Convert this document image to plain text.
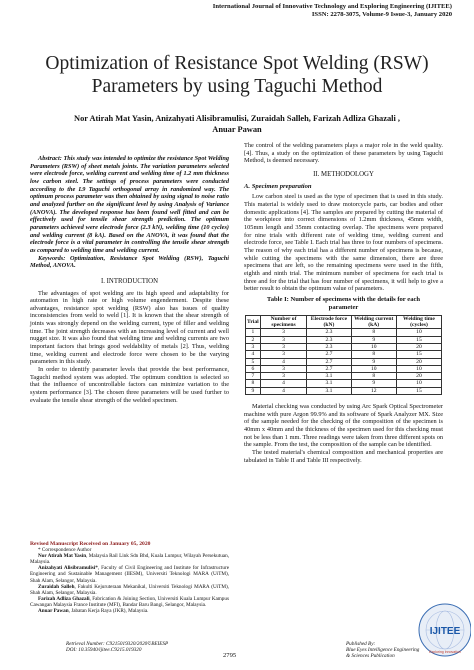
International Journal of Innovative Technology and Exploring Engineering (IJITEE)
ISSN: 2278-3075, Volume-9 Issue-3, January 2020
Optimization of Resistance Spot Welding (RSW) Parameters by using Taguchi Method
Nor Atirah Mat Yasin, Anizahyati Alisibramulisi, Zuraidah Salleh, Farizah Adliza Ghazali ,
Anuar Pawan

Abstract: This study was intended to optimize the resistance Spot Welding Parameters (RSW) of sheet metals joints. The variation parameters selected were electrode force, welding current and welding time of 1.2 mm thickness low carbon steel. The settings of process parameters were conducted according to the L9 Taguchi orthogonal array in randomized way. The optimum process parameter was then obtained by using signal to noise ratio and analyzed further on the significant level by using Analysis of Variance (ANOVA). The developed response has been found well fitted and can be effectively used for tensile shear strength prediction. The optimum parameters achieved were electrode force (2.3 kN), welding time (10 cycles) and welding current (8 kA). Based on the ANOVA, it was found that the electrode force is a vital parameter in controlling the tensile shear strength as compared to welding time and welding current.

Keywords: Optimization, Resistance Spot Welding (RSW), Taguchi Method, ANOVA.

I. INTRODUCTION

The advantages of spot welding are its high speed and adaptability for automation in high rate or high volume engenderment. Despite these advantages, resistance spot welding (RSW) also has issues of quality inconsistencies from weld to weld [1]. It is known that the shear strength of joints was strongly depend on the welding current, type of filler and welding time. The joint strength decreases with an increasing level of current and well nugget size. It was also found that welding time and welding currents are two important factors that brings good weldability of metals [2]. Thus, welding time, welding current and electrode force were chosen to be the varying parameters in this study.

In order to identify parameter levels that provide the best performance, Taguchi method system was adopted. The optimum condition is selected so that the influence of uncontrollable factors can minimize variation to the system performance [3]. The chosen three parameters will be used further to evaluate the tensile shear strength of the welded specimen.

Revised Manuscript Received on January 05, 2020

* Correspondence Author

Nor Atirah Mat Yasin, Malaysia Rail Link Sdn Bhd, Kuala Lumpur, Wilayah Persekutuan, Malaysia.

Anizahyati Alisibramulisi*, Faculty of Civil Engineering and Institute for Infrastructure Engineering and Sustainable Management (IIESM), Universiti Teknologi MARA (UiTM), Shah Alam, Selangor, Malaysia.

Zuraidah Salleh, Fakulti Kejuruteraan Mekanikal, Universiti Teknologi MARA (UiTM), Shah Alam, Selangor, Malaysia.

Farizah Adliza Ghazali, Fabrication & Joining Section, Universiti Kuala Lumpur Kampus Cawangan Malaysia France Institute (MFI), Bandar Baru Bangi, Selangor, Malaysia.

Anuar Pawan, Jabatan Kerja Raya (JKR), Malaysia.

The control of the welding parameters plays a major role in the weld quality. [4]. Thus, a study on the optimization of these parameters by using Taguchi Method, is deemed necessary.

II. METHODOLOGY
A. Specimen preparation

Low carbon steel is used as the type of specimen that is used in this study. This material is widely used to draw motorcycle parts, car bodies and other domestic applications [4]. The samples are prepared by cutting the material of the workpiece into correct dimensions of 1.2mm thickness, 45mm width, 105mm length and 35mm contacting overlap. The specimens were prepared for nine trials with different rate of welding time, welding current and electrode force, see Table I. Each trial has three to four numbers of specimens. The reason of why each trial has a different number of specimens is because, while cutting the specimens with the same dimension, there are three specimens that are left, so the remaining specimens were used in the fifth, eighth and ninth trial. The minimum number of specimens for each trial is three and for the trial that has four number of specimens, it will help to give a better result to obtain the optimum value of parameters.

Table I: Number of specimens with the details for each
parameter
Trial	Number of specimens	Electrode force (kN)	Welding current (kA)	Welding time (cycles)
1	3	2.3	8	10
2	3	2.3	9	15
3	3	2.3	10	20
4	3	2.7	8	15
5	4	2.7	9	20
6	3	2.7	10	10
7	3	3.1	8	20
8	4	3.1	9	10
9	4	3.1	12	15

Material checking was conducted by using Arc Spark Optical Spectrometer machine with pure Argon 99.9% and its software of Spark Analyzer MX. Size of the sample needed for the checking of the composition of the specimen is 40mm x 40mm and the thickness of the specimen used for this checking must not be less than 1 mm. Three readings were taken from three different spots on the sample. From the test, the composition of the sample can be identified.

The tested material's chemical composition and mechanical properties are tabulated in Table II and Table III respectively.

Retrieval Number: C9215019320/2020©BEIESP
DOI: 10.35940/ijitee.C9215.019320
2795
Published By:
Blue Eyes Intelligence Engineering
& Sciences Publication
IJITEE
Exploring Innovation
